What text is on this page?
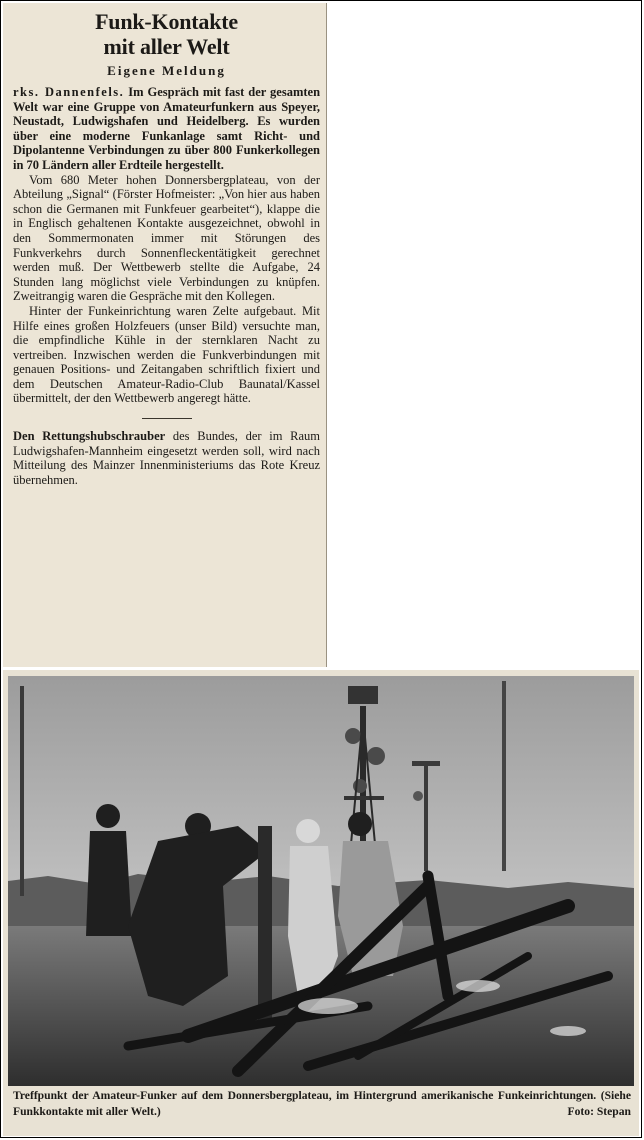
Funk-Kontakte
mit aller Welt
Eigene Meldung

rks. Dannenfels. Im Gespräch mit fast der gesamten Welt war eine Gruppe von Amateurfunkern aus Speyer, Neustadt, Ludwigshafen und Heidelberg. Es wurden über eine moderne Funkanlage samt Richt- und Dipolantenne Verbindungen zu über 800 Funkerkollegen in 70 Ländern aller Erdteile hergestellt.

Vom 680 Meter hohen Donnersbergplateau, von der Abteilung „Signal“ (Förster Hofmeister: „Von hier aus haben schon die Germanen mit Funkfeuer gearbeitet“), klappe die in Englisch gehaltenen Kontakte ausgezeichnet, obwohl in den Sommermonaten immer mit Störungen des Funkverkehrs durch Sonnenfleckentätigkeit gerechnet werden muß. Der Wettbewerb stellte die Aufgabe, 24 Stunden lang möglichst viele Verbindungen zu knüpfen. Zweitrangig waren die Gespräche mit den Kollegen.

Hinter der Funkeinrichtung waren Zelte aufgebaut. Mit Hilfe eines großen Holzfeuers (unser Bild) versuchte man, die empfindliche Kühle in der sternklaren Nacht zu vertreiben. Inzwischen werden die Funkverbindungen mit genauen Positions- und Zeitangaben schriftlich fixiert und dem Deutschen Amateur-Radio-Club Baunatal/Kassel übermittelt, der den Wettbewerb angeregt hätte.

Den Rettungshubschrauber des Bundes, der im Raum Ludwigshafen-Mannheim eingesetzt werden soll, wird nach Mitteilung des Mainzer Innenministeriums das Rote Kreuz übernehmen.

Treffpunkt der Amateur-Funker auf dem Donnersbergplateau, im Hintergrund amerikanische Funkeinrichtungen. (Siehe Funkkontakte mit aller Welt.)	Foto: Stepan
